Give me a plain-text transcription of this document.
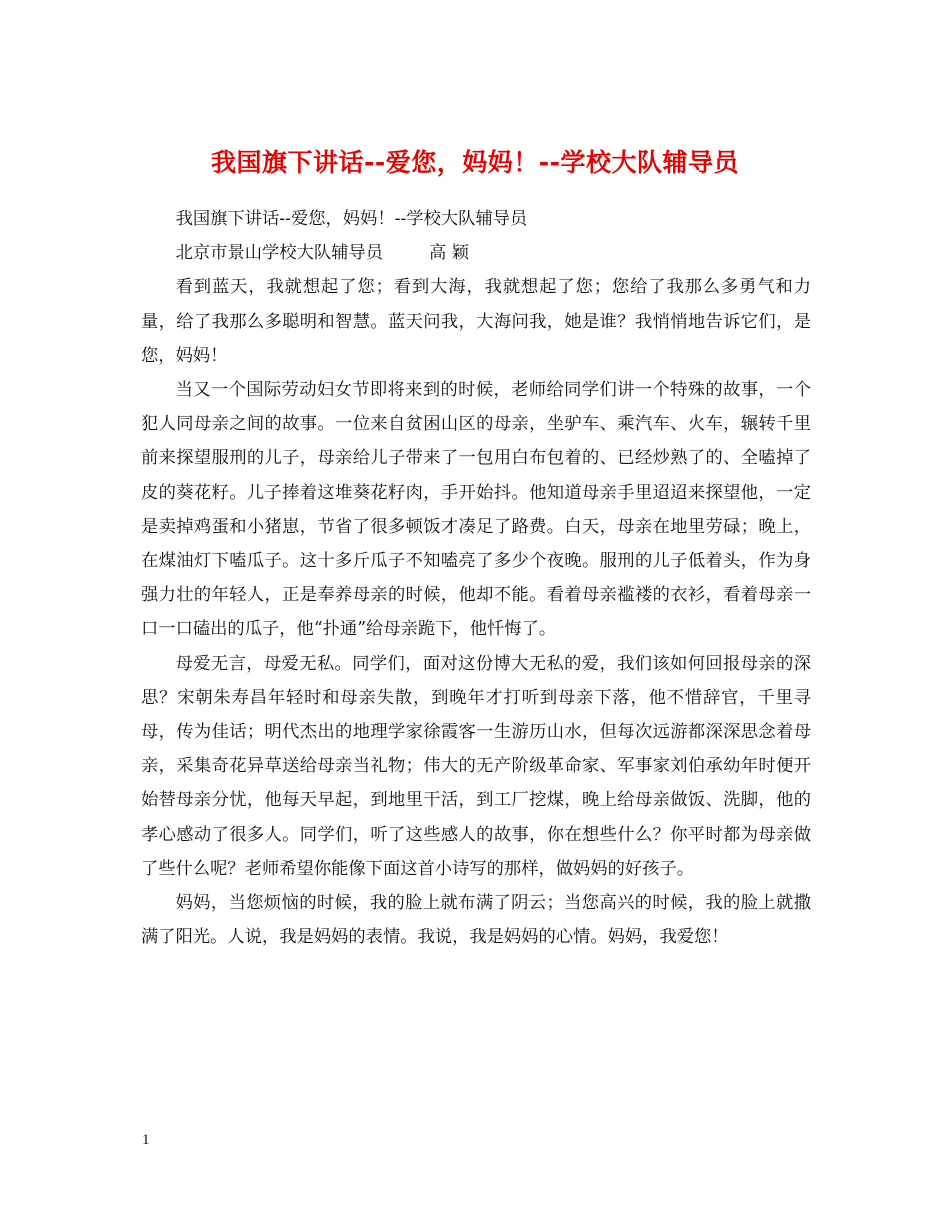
我国旗下讲话--爱您，妈妈！--学校大队辅导员

我国旗下讲话--爱您，妈妈！--学校大队辅导员

北京市景山学校大队辅导员	高 颖

看到蓝天，我就想起了您；看到大海，我就想起了您；您给了我那么多勇气和力量，给了我那么多聪明和智慧。蓝天问我，大海问我，她是谁？我悄悄地告诉它们，是您，妈妈！

当又一个国际劳动妇女节即将来到的时候，老师给同学们讲一个特殊的故事，一个犯人同母亲之间的故事。一位来自贫困山区的母亲，坐驴车、乘汽车、火车，辗转千里前来探望服刑的儿子，母亲给儿子带来了一包用白布包着的、已经炒熟了的、全嗑掉了皮的葵花籽。儿子捧着这堆葵花籽肉，手开始抖。他知道母亲手里迢迢来探望他，一定是卖掉鸡蛋和小猪崽，节省了很多顿饭才凑足了路费。白天，母亲在地里劳碌；晚上，在煤油灯下嗑瓜子。这十多斤瓜子不知嗑亮了多少个夜晚。服刑的儿子低着头，作为身强力壮的年轻人，正是奉养母亲的时候，他却不能。看着母亲褴褛的衣衫，看着母亲一口一口磕出的瓜子，他“扑通”给母亲跪下，他忏悔了。

母爱无言，母爱无私。同学们，面对这份博大无私的爱，我们该如何回报母亲的深思？宋朝朱寿昌年轻时和母亲失散，到晚年才打听到母亲下落，他不惜辞官，千里寻母，传为佳话；明代杰出的地理学家徐霞客一生游历山水，但每次远游都深深思念着母亲，采集奇花异草送给母亲当礼物；伟大的无产阶级革命家、军事家刘伯承幼年时便开始替母亲分忧，他每天早起，到地里干活，到工厂挖煤，晚上给母亲做饭、洗脚，他的孝心感动了很多人。同学们，听了这些感人的故事，你在想些什么？你平时都为母亲做了些什么呢？老师希望你能像下面这首小诗写的那样，做妈妈的好孩子。

妈妈，当您烦恼的时候，我的脸上就布满了阴云；当您高兴的时候，我的脸上就撒满了阳光。人说，我是妈妈的表情。我说，我是妈妈的心情。妈妈，我爱您！

1
